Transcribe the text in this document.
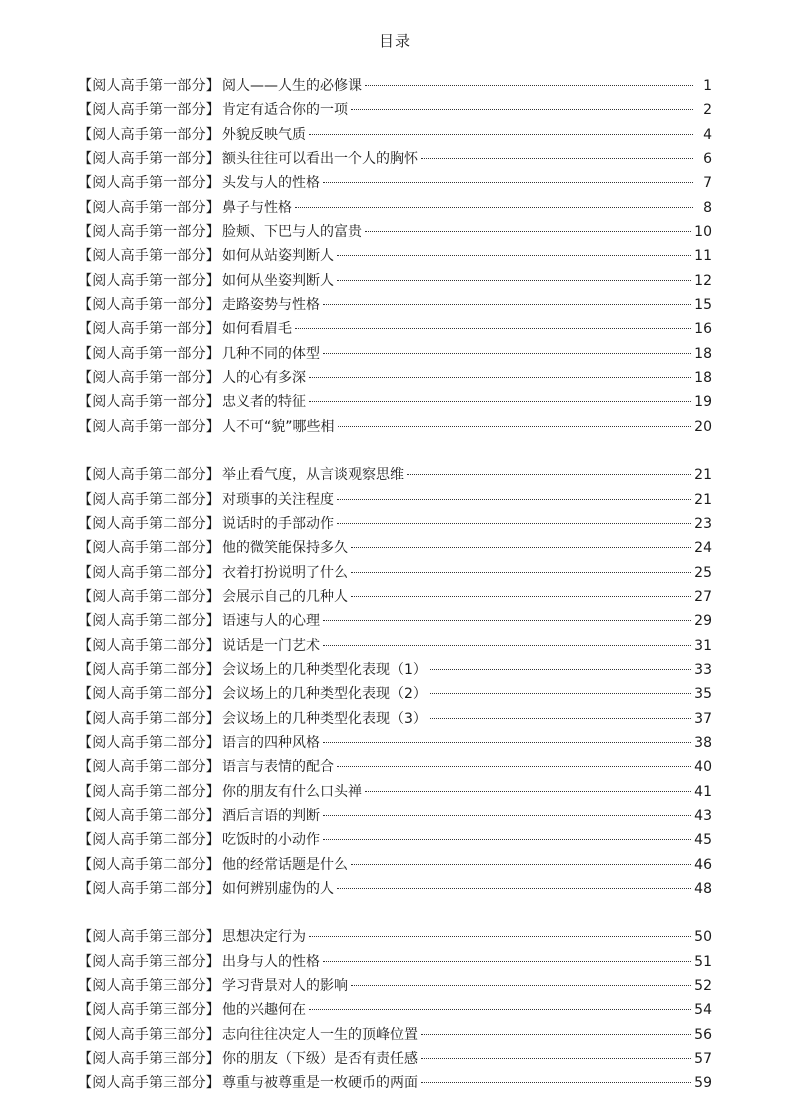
目录
【阅人高手第一部分】 阅人——人生的必修课	1
【阅人高手第一部分】 肯定有适合你的一项	2
【阅人高手第一部分】 外貌反映气质	4
【阅人高手第一部分】 额头往往可以看出一个人的胸怀	6
【阅人高手第一部分】 头发与人的性格	7
【阅人高手第一部分】 鼻子与性格	8
【阅人高手第一部分】 脸颊、下巴与人的富贵	10
【阅人高手第一部分】 如何从站姿判断人	11
【阅人高手第一部分】 如何从坐姿判断人	12
【阅人高手第一部分】 走路姿势与性格	15
【阅人高手第一部分】 如何看眉毛	16
【阅人高手第一部分】 几种不同的体型	18
【阅人高手第一部分】 人的心有多深	18
【阅人高手第一部分】 忠义者的特征	19
【阅人高手第一部分】 人不可“貌”哪些相	20
【阅人高手第二部分】 举止看气度，从言谈观察思维	21
【阅人高手第二部分】 对琐事的关注程度	21
【阅人高手第二部分】 说话时的手部动作	23
【阅人高手第二部分】 他的微笑能保持多久	24
【阅人高手第二部分】 衣着打扮说明了什么	25
【阅人高手第二部分】 会展示自己的几种人	27
【阅人高手第二部分】 语速与人的心理	29
【阅人高手第二部分】 说话是一门艺术	31
【阅人高手第二部分】 会议场上的几种类型化表现（1）	33
【阅人高手第二部分】 会议场上的几种类型化表现（2）	35
【阅人高手第二部分】 会议场上的几种类型化表现（3）	37
【阅人高手第二部分】 语言的四种风格	38
【阅人高手第二部分】 语言与表情的配合	40
【阅人高手第二部分】 你的朋友有什么口头禅	41
【阅人高手第二部分】 酒后言语的判断	43
【阅人高手第二部分】 吃饭时的小动作	45
【阅人高手第二部分】 他的经常话题是什么	46
【阅人高手第二部分】 如何辨别虚伪的人	48
【阅人高手第三部分】 思想决定行为	50
【阅人高手第三部分】 出身与人的性格	51
【阅人高手第三部分】 学习背景对人的影响	52
【阅人高手第三部分】 他的兴趣何在	54
【阅人高手第三部分】 志向往往决定人一生的顶峰位置	56
【阅人高手第三部分】 你的朋友（下级）是否有责任感	57
【阅人高手第三部分】 尊重与被尊重是一枚硬币的两面	59
